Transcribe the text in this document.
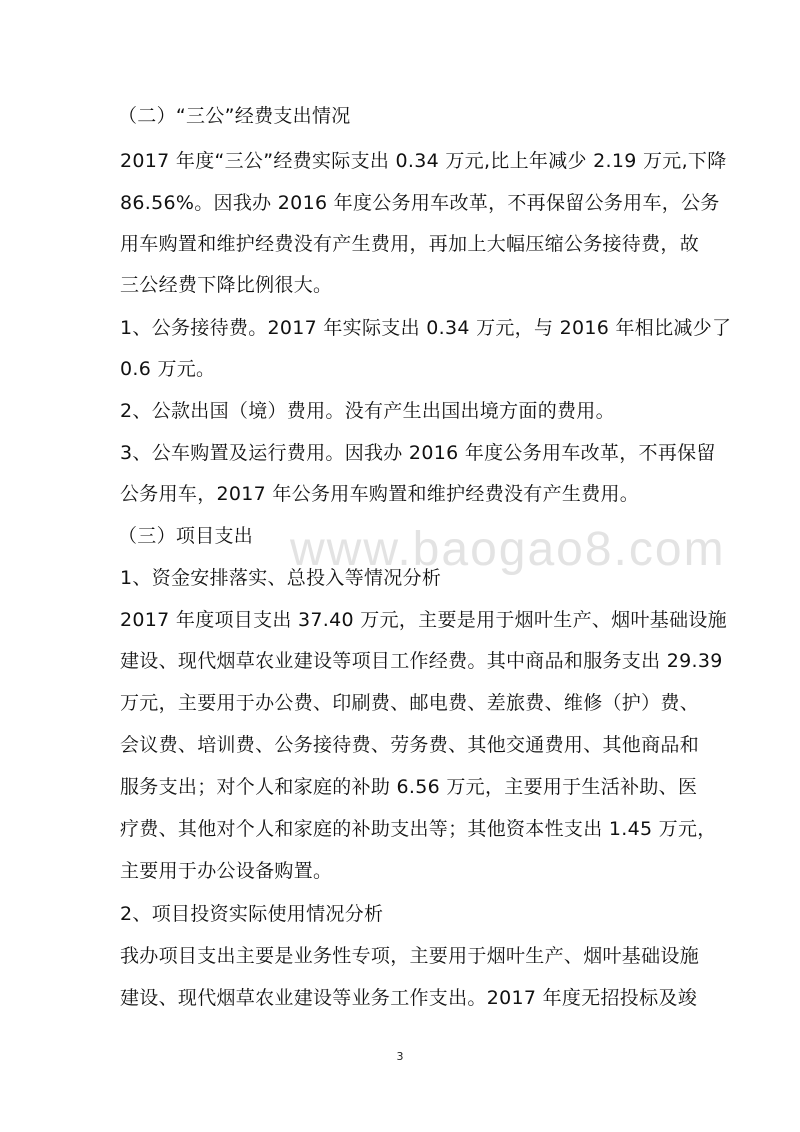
www.baogao8.com
（二）“三公”经费支出情况
2017 年度“三公”经费实际支出 0.34 万元,比上年减少 2.19 万元,下降
86.56%。因我办 2016 年度公务用车改革，不再保留公务用车，公务
用车购置和维护经费没有产生费用，再加上大幅压缩公务接待费，故
三公经费下降比例很大。
1、公务接待费。2017 年实际支出 0.34 万元，与 2016 年相比减少了
0.6 万元。
2、公款出国（境）费用。没有产生出国出境方面的费用。
3、公车购置及运行费用。因我办 2016 年度公务用车改革，不再保留
公务用车，2017 年公务用车购置和维护经费没有产生费用。
（三）项目支出
1、资金安排落实、总投入等情况分析
2017 年度项目支出 37.40 万元，主要是用于烟叶生产、烟叶基础设施
建设、现代烟草农业建设等项目工作经费。其中商品和服务支出 29.39
万元，主要用于办公费、印刷费、邮电费、差旅费、维修（护）费、
会议费、培训费、公务接待费、劳务费、其他交通费用、其他商品和
服务支出；对个人和家庭的补助 6.56 万元，主要用于生活补助、医
疗费、其他对个人和家庭的补助支出等；其他资本性支出 1.45 万元，
主要用于办公设备购置。
2、项目投资实际使用情况分析
我办项目支出主要是业务性专项，主要用于烟叶生产、烟叶基础设施
建设、现代烟草农业建设等业务工作支出。2017 年度无招投标及竣
3
